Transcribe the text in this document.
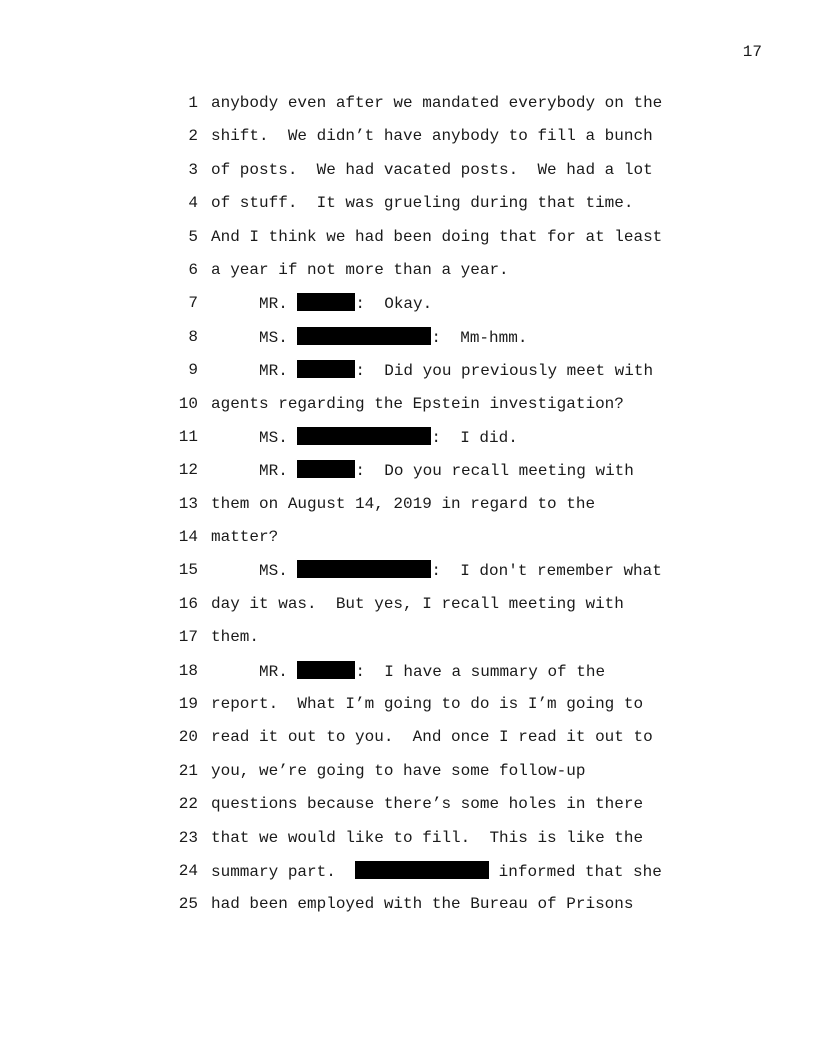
17
1 anybody even after we mandated everybody on the
2 shift.  We didn’t have anybody to fill a bunch
3 of posts.  We had vacated posts.  We had a lot
4 of stuff.  It was grueling during that time.
5 And I think we had been doing that for at least
6 a year if not more than a year.
7 MR.	:  Okay.
8 MS.	:  Mm-hmm.
9 MR.	:  Did you previously meet with
10 agents regarding the Epstein investigation?
11 MS.	:  I did.
12 MR.	:  Do you recall meeting with
13 them on August 14, 2019 in regard to the
14 matter?
15 MS.	:  I don't remember what
16 day it was.  But yes, I recall meeting with
17 them.
18 MR.	:  I have a summary of the
19 report.  What I’m going to do is I’m going to
20 read it out to you.  And once I read it out to
21 you, we’re going to have some follow-up
22 questions because there’s some holes in there
23 that we would like to fill.  This is like the
24 summary part.	informed that she
25 had been employed with the Bureau of Prisons
